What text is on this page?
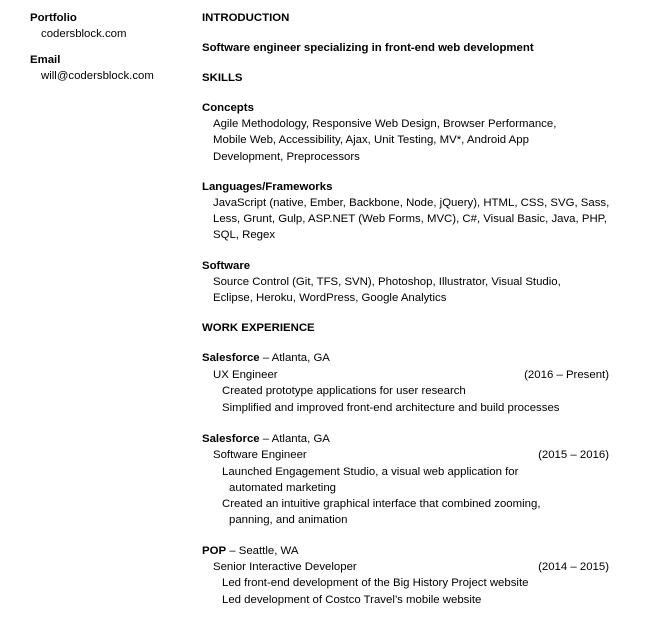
Portfolio
codersblock.com
Email
will@codersblock.com
INTRODUCTION
Software engineer specializing in front-end web development
SKILLS
Concepts
Agile Methodology, Responsive Web Design, Browser Performance,
Mobile Web, Accessibility, Ajax, Unit Testing, MV*, Android App
Development, Preprocessors
Languages/Frameworks
JavaScript (native, Ember, Backbone, Node, jQuery), HTML, CSS, SVG, Sass,
Less, Grunt, Gulp, ASP.NET (Web Forms, MVC), C#, Visual Basic, Java, PHP,
SQL, Regex
Software
Source Control (Git, TFS, SVN), Photoshop, Illustrator, Visual Studio,
Eclipse, Heroku, WordPress, Google Analytics
WORK EXPERIENCE
Salesforce – Atlanta, GA
UX Engineer	(2016 – Present)
Created prototype applications for user research
Simplified and improved front-end architecture and build processes
Salesforce – Atlanta, GA
Software Engineer	(2015 – 2016)
Launched Engagement Studio, a visual web application for
automated marketing
Created an intuitive graphical interface that combined zooming,
panning, and animation
POP – Seattle, WA
Senior Interactive Developer	(2014 – 2015)
Led front-end development of the Big History Project website
Led development of Costco Travel’s mobile website
